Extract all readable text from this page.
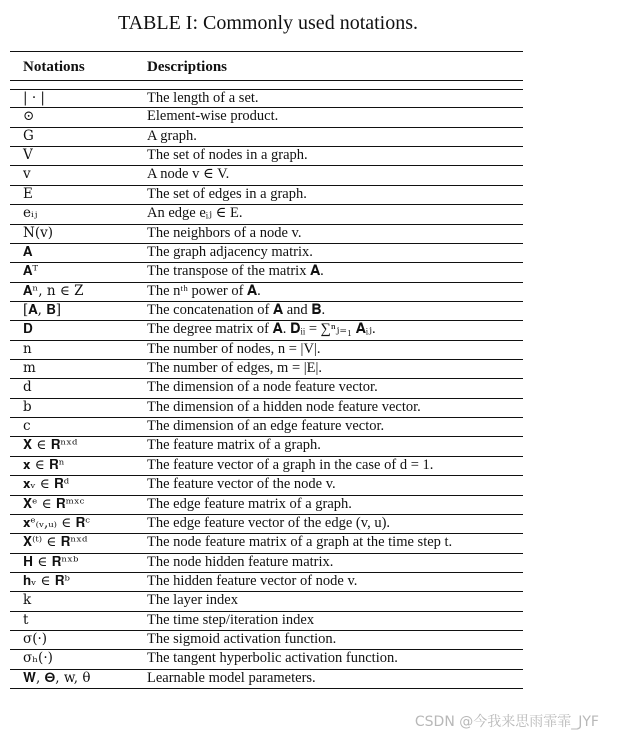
TABLE I: Commonly used notations.
Notations	Descriptions
| · |	The length of a set.
⊙	Element-wise product.
G	A graph.
V	The set of nodes in a graph.
v	A node v ∈ V.
E	The set of edges in a graph.
eᵢⱼ	An edge eᵢⱼ ∈ E.
N(v)	The neighbors of a node v.
𝐀	The graph adjacency matrix.
𝐀ᵀ	The transpose of the matrix 𝐀.
𝐀ⁿ, n ∈ Z	The nᵗʰ power of 𝐀.
[𝐀, 𝐁]	The concatenation of 𝐀 and 𝐁.
𝐃	The degree matrix of 𝐀. 𝐃ᵢᵢ = ∑ⁿⱼ₌₁ 𝐀ᵢⱼ.
n	The number of nodes, n = |V|.
m	The number of edges, m = |E|.
d	The dimension of a node feature vector.
b	The dimension of a hidden node feature vector.
c	The dimension of an edge feature vector.
𝐗 ∈ 𝐑ⁿˣᵈ	The feature matrix of a graph.
𝐱 ∈ 𝐑ⁿ	The feature vector of a graph in the case of d = 1.
𝐱ᵥ ∈ 𝐑ᵈ	The feature vector of the node v.
𝐗ᵉ ∈ 𝐑ᵐˣᶜ	The edge feature matrix of a graph.
𝐱ᵉ₍ᵥ,ᵤ₎ ∈ 𝐑ᶜ	The edge feature vector of the edge (v, u).
𝐗⁽ᵗ⁾ ∈ 𝐑ⁿˣᵈ	The node feature matrix of a graph at the time step t.
𝐇 ∈ 𝐑ⁿˣᵇ	The node hidden feature matrix.
𝐡ᵥ ∈ 𝐑ᵇ	The hidden feature vector of node v.
k	The layer index
t	The time step/iteration index
σ(·)	The sigmoid activation function.
σₕ(·)	The tangent hyperbolic activation function.
𝐖, 𝚯, w, θ	Learnable model parameters.
CSDN @今我来思雨霏霏_JYF
